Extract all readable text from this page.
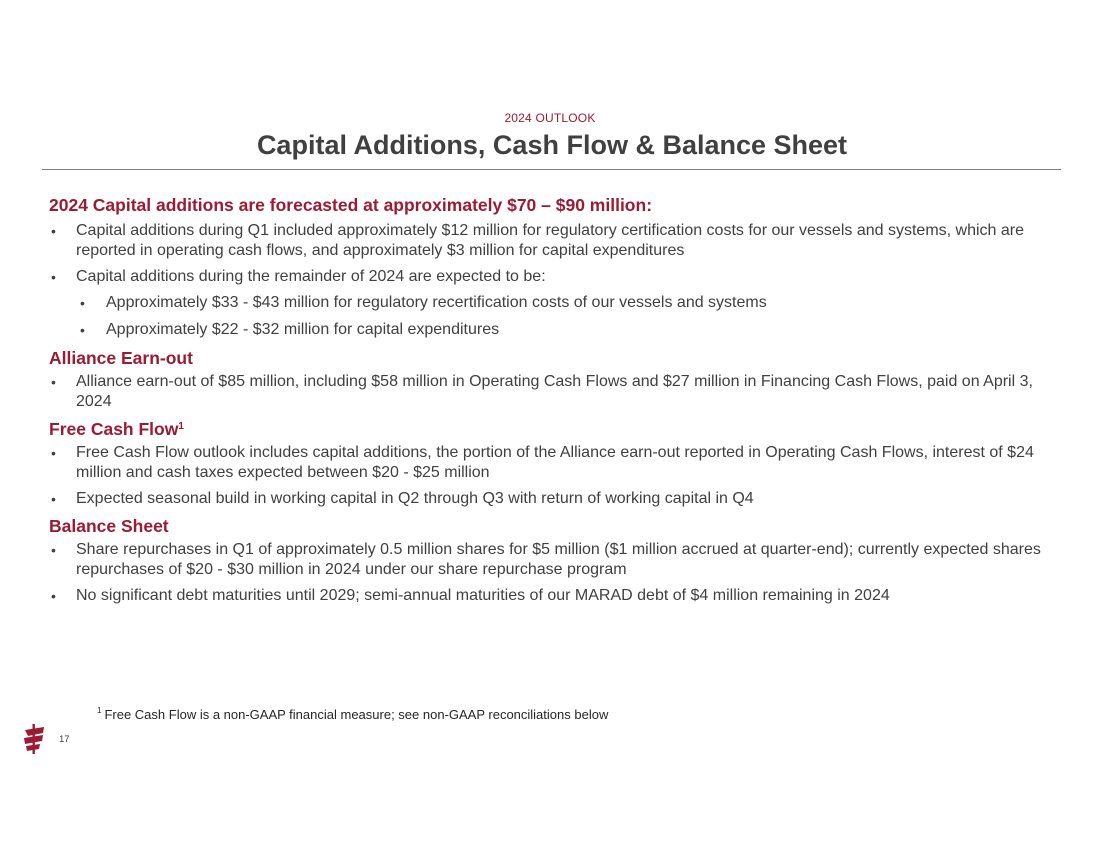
2024 OUTLOOK
Capital Additions, Cash Flow & Balance Sheet
2024 Capital additions are forecasted at approximately $70 – $90 million:
• Capital additions during Q1 included approximately $12 million for regulatory certification costs for our vessels and systems, which are reported in operating cash flows, and approximately $3 million for capital expenditures
• Capital additions during the remainder of 2024 are expected to be:
• Approximately $33 - $43 million for regulatory recertification costs of our vessels and systems
• Approximately $22 - $32 million for capital expenditures
Alliance Earn-out
• Alliance earn-out of $85 million, including $58 million in Operating Cash Flows and $27 million in Financing Cash Flows, paid on April 3, 2024
Free Cash Flow$^1$
• Free Cash Flow outlook includes capital additions, the portion of the Alliance earn-out reported in Operating Cash Flows, interest of $24 million and cash taxes expected between $20 - $25 million
• Expected seasonal build in working capital in Q2 through Q3 with return of working capital in Q4
Balance Sheet
• Share repurchases in Q1 of approximately 0.5 million shares for $5 million ($1 million accrued at quarter-end); currently expected shares repurchases of $20 - $30 million in 2024 under our share repurchase program
• No significant debt maturities until 2029; semi-annual maturities of our MARAD debt of $4 million remaining in 2024
$^1$ Free Cash Flow is a non-GAAP financial measure; see non-GAAP reconciliations below
17
